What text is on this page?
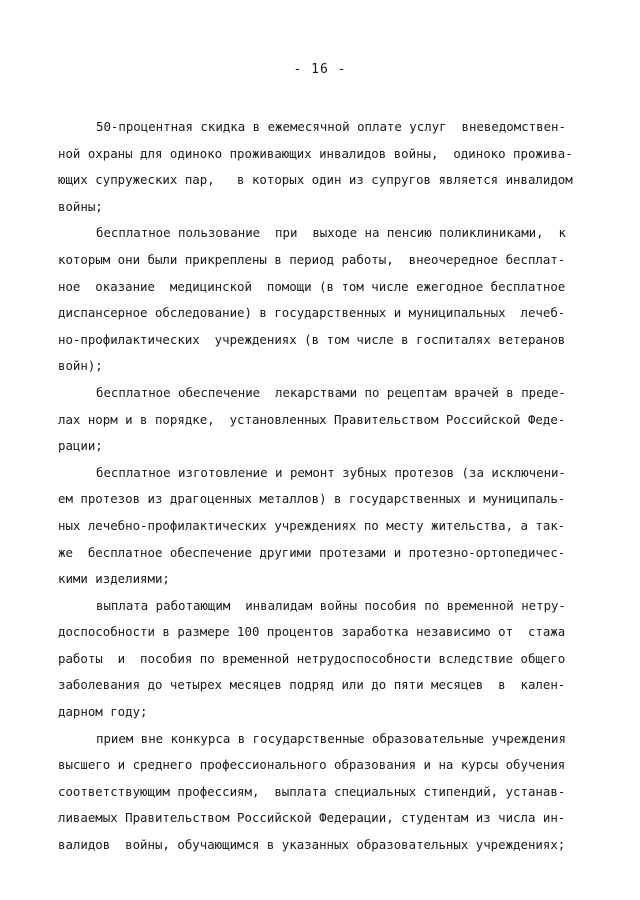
- 16 -
50-процентная скидка в ежемесячной оплате услуг  вневедомствен-
ной охраны для одиноко проживающих инвалидов войны,  одиноко прожива-
ющих супружеских пар,   в которых один из супругов является инвалидом
войны;
бесплатное пользование  при  выходе на пенсию поликлиниками,  к
которым они были прикреплены в период работы,  внеочередное бесплат-
ное  оказание  медицинской  помощи (в том числе ежегодное бесплатное
диспансерное обследование) в государственных и муниципальных  лечеб-
но-профилактических  учреждениях (в том числе в госпиталях ветеранов
войн);
бесплатное обеспечение  лекарствами по рецептам врачей в преде-
лах норм и в порядке,  установленных Правительством Российской Феде-
рации;
бесплатное изготовление и ремонт зубных протезов (за исключени-
ем протезов из драгоценных металлов) в государственных и муниципаль-
ных лечебно-профилактических учреждениях по месту жительства, а так-
же  бесплатное обеспечение другими протезами и протезно-ортопедичес-
кими изделиями;
выплата работающим  инвалидам войны пособия по временной нетру-
доспособности в размере 100 процентов заработка независимо от  стажа
работы  и  пособия по временной нетрудоспособности вследствие общего
заболевания до четырех месяцев подряд или до пяти месяцев  в  кален-
дарном году;
прием вне конкурса в государственные образовательные учреждения
высшего и среднего профессионального образования и на курсы обучения
соответствующим профессиям,  выплата специальных стипендий, устанав-
ливаемых Правительством Российской Федерации, студентам из числа ин-
валидов  войны, обучающимся в указанных образовательных учреждениях;
